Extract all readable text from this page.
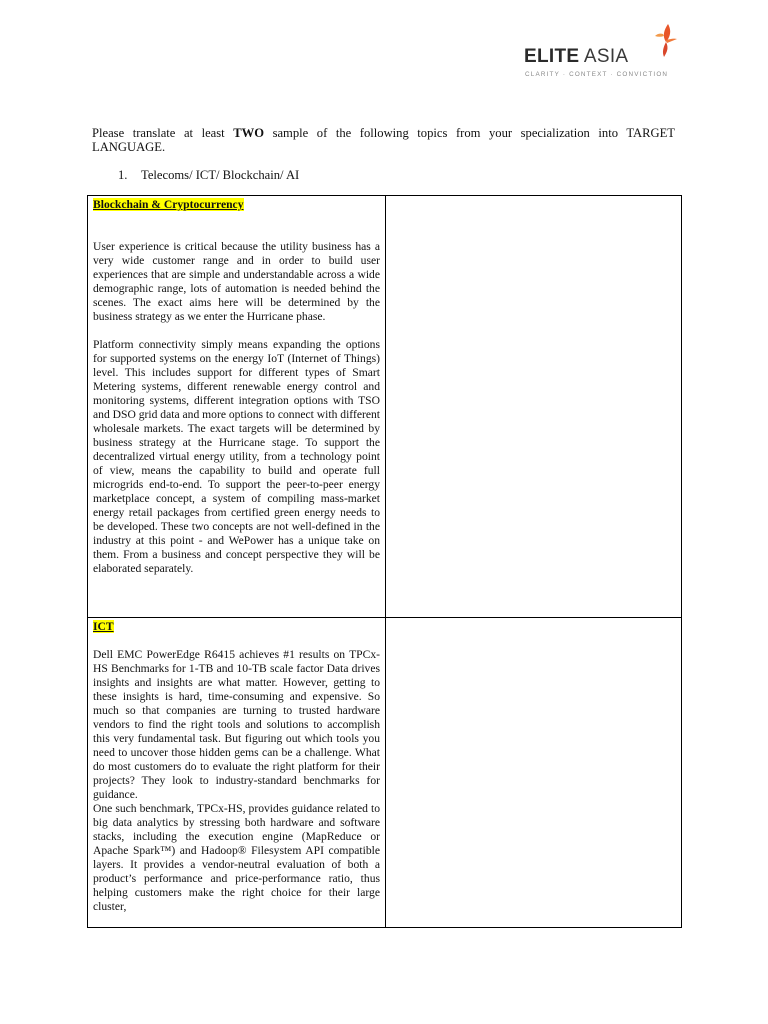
ELITE ASIA
CLARITY · CONTEXT · CONVICTION
Please translate at least TWO sample of the following topics from your specialization into TARGET LANGUAGE.
1. Telecoms/ ICT/ Blockchain/ AI

Blockchain & Cryptocurrency

User experience is critical because the utility business has a very wide customer range and in order to build user experiences that are simple and understandable across a wide demographic range, lots of automation is needed behind the scenes. The exact aims here will be determined by the business strategy as we enter the Hurricane phase.

Platform connectivity simply means expanding the options for supported systems on the energy IoT (Internet of Things) level. This includes support for different types of Smart Metering systems, different renewable energy control and monitoring systems, different integration options with TSO and DSO grid data and more options to connect with different wholesale markets. The exact targets will be determined by business strategy at the Hurricane stage. To support the decentralized virtual energy utility, from a technology point of view, means the capability to build and operate full microgrids end-to-end. To support the peer-to-peer energy marketplace concept, a system of compiling mass-market energy retail packages from certified green energy needs to be developed. These two concepts are not well-defined in the industry at this point - and WePower has a unique take on them. From a business and concept perspective they will be elaborated separately.	

ICT

Dell EMC PowerEdge R6415 achieves #1 results on TPCx-HS Benchmarks for 1-TB and 10-TB scale factor Data drives insights and insights are what matter. However, getting to these insights is hard, time-consuming and expensive. So much so that companies are turning to trusted hardware vendors to find the right tools and solutions to accomplish this very fundamental task. But figuring out which tools you need to uncover those hidden gems can be a challenge. What do most customers do to evaluate the right platform for their projects? They look to industry-standard benchmarks for guidance.

One such benchmark, TPCx-HS, provides guidance related to big data analytics by stressing both hardware and software stacks, including the execution engine (MapReduce or Apache Spark™) and Hadoop® Filesystem API compatible layers. It provides a vendor-neutral evaluation of both a product’s performance and price-performance ratio, thus helping customers make the right choice for their large cluster,	
